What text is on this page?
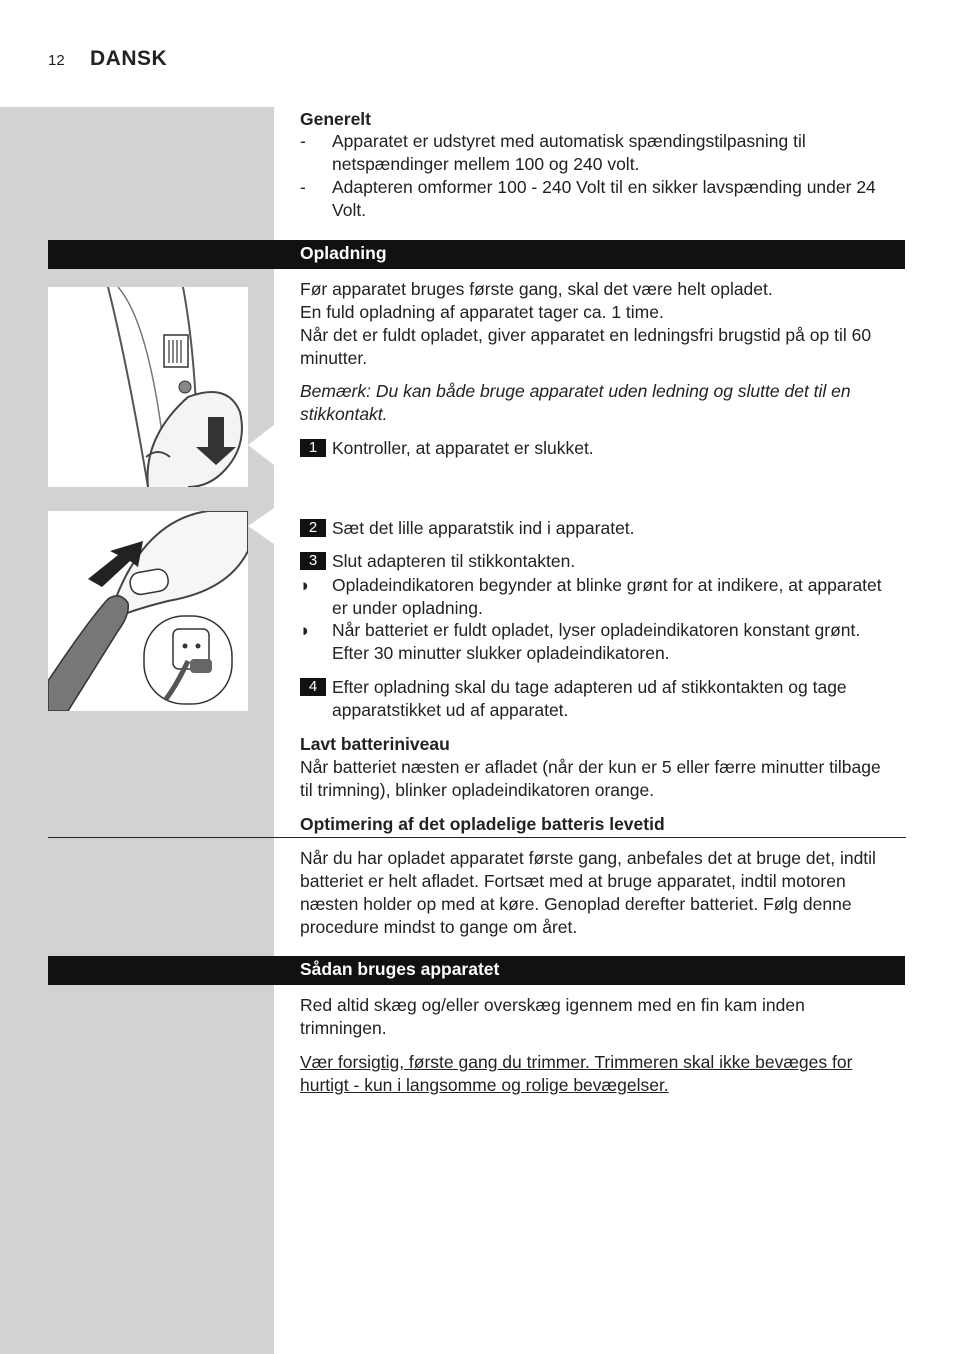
12 DANSK
Generelt
- Apparatet er udstyret med automatisk spændingstilpasning til netspændinger mellem 100 og 240 volt.
- Adapteren omformer 100 - 240 Volt til en sikker lavspænding under 24 Volt.
Opladning
Før apparatet bruges første gang, skal det være helt opladet.
En fuld opladning af apparatet tager ca. 1 time.
Når det er fuldt opladet, giver apparatet en ledningsfri brugstid på op til 60 minutter.
Bemærk: Du kan både bruge apparatet uden ledning og slutte det til en stikkontakt.
1 Kontroller, at apparatet er slukket.
2 Sæt det lille apparatstik ind i apparatet.
3 Slut adapteren til stikkontakten.
◗ Opladeindikatoren begynder at blinke grønt for at indikere, at apparatet er under opladning.
◗ Når batteriet er fuldt opladet, lyser opladeindikatoren konstant grønt. Efter 30 minutter slukker opladeindikatoren.
4 Efter opladning skal du tage adapteren ud af stikkontakten og tage apparatstikket ud af apparatet.
Lavt batteriniveau
Når batteriet næsten er afladet (når der kun er 5 eller færre minutter tilbage til trimning), blinker opladeindikatoren orange.
Optimering af det opladelige batteris levetid
Når du har opladet apparatet første gang, anbefales det at bruge det, indtil batteriet er helt afladet. Fortsæt med at bruge apparatet, indtil motoren næsten holder op med at køre. Genoplad derefter batteriet. Følg denne procedure mindst to gange om året.
Sådan bruges apparatet
Red altid skæg og/eller overskæg igennem med en fin kam inden trimningen.
Vær forsigtig, første gang du trimmer. Trimmeren skal ikke bevæges for hurtigt - kun i langsomme og rolige bevægelser.
